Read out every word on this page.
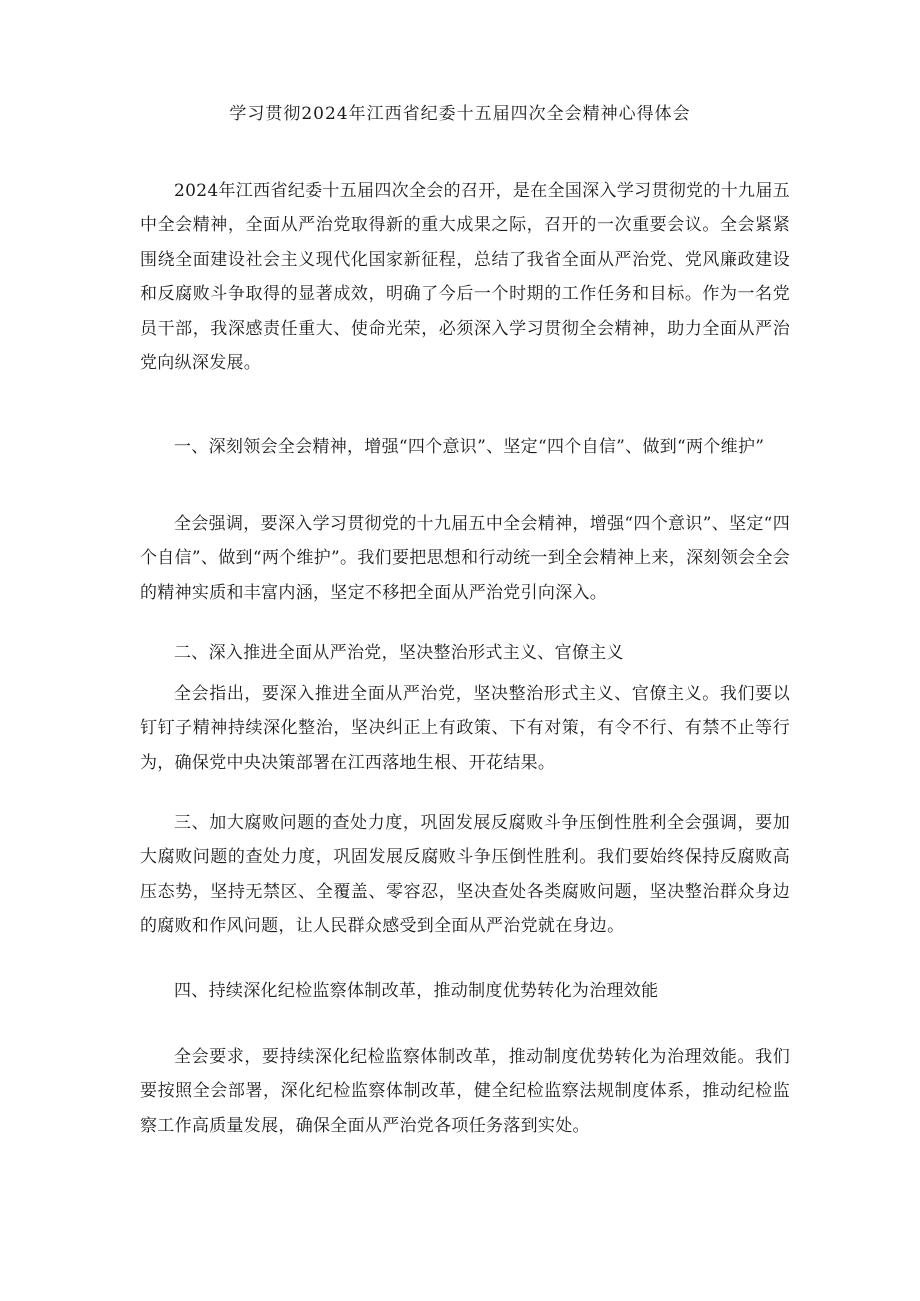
学习贯彻2024年江西省纪委十五届四次全会精神心得体会

2024年江西省纪委十五届四次全会的召开，是在全国深入学习贯彻党的十九届五中全会精神，全面从严治党取得新的重大成果之际，召开的一次重要会议。全会紧紧围绕全面建设社会主义现代化国家新征程，总结了我省全面从严治党、党风廉政建设和反腐败斗争取得的显著成效，明确了今后一个时期的工作任务和目标。作为一名党员干部，我深感责任重大、使命光荣，必须深入学习贯彻全会精神，助力全面从严治党向纵深发展。

一、深刻领会全会精神，增强“四个意识”、坚定“四个自信”、做到“两个维护”

全会强调，要深入学习贯彻党的十九届五中全会精神，增强“四个意识”、坚定“四个自信”、做到“两个维护”。我们要把思想和行动统一到全会精神上来，深刻领会全会的精神实质和丰富内涵，坚定不移把全面从严治党引向深入。

二、深入推进全面从严治党，坚决整治形式主义、官僚主义

全会指出，要深入推进全面从严治党，坚决整治形式主义、官僚主义。我们要以钉钉子精神持续深化整治，坚决纠正上有政策、下有对策，有令不行、有禁不止等行为，确保党中央决策部署在江西落地生根、开花结果。

三、加大腐败问题的查处力度，巩固发展反腐败斗争压倒性胜利全会强调，要加大腐败问题的查处力度，巩固发展反腐败斗争压倒性胜利。我们要始终保持反腐败高压态势，坚持无禁区、全覆盖、零容忍，坚决查处各类腐败问题，坚决整治群众身边的腐败和作风问题，让人民群众感受到全面从严治党就在身边。

四、持续深化纪检监察体制改革，推动制度优势转化为治理效能

全会要求，要持续深化纪检监察体制改革，推动制度优势转化为治理效能。我们要按照全会部署，深化纪检监察体制改革，健全纪检监察法规制度体系，推动纪检监察工作高质量发展，确保全面从严治党各项任务落到实处。
